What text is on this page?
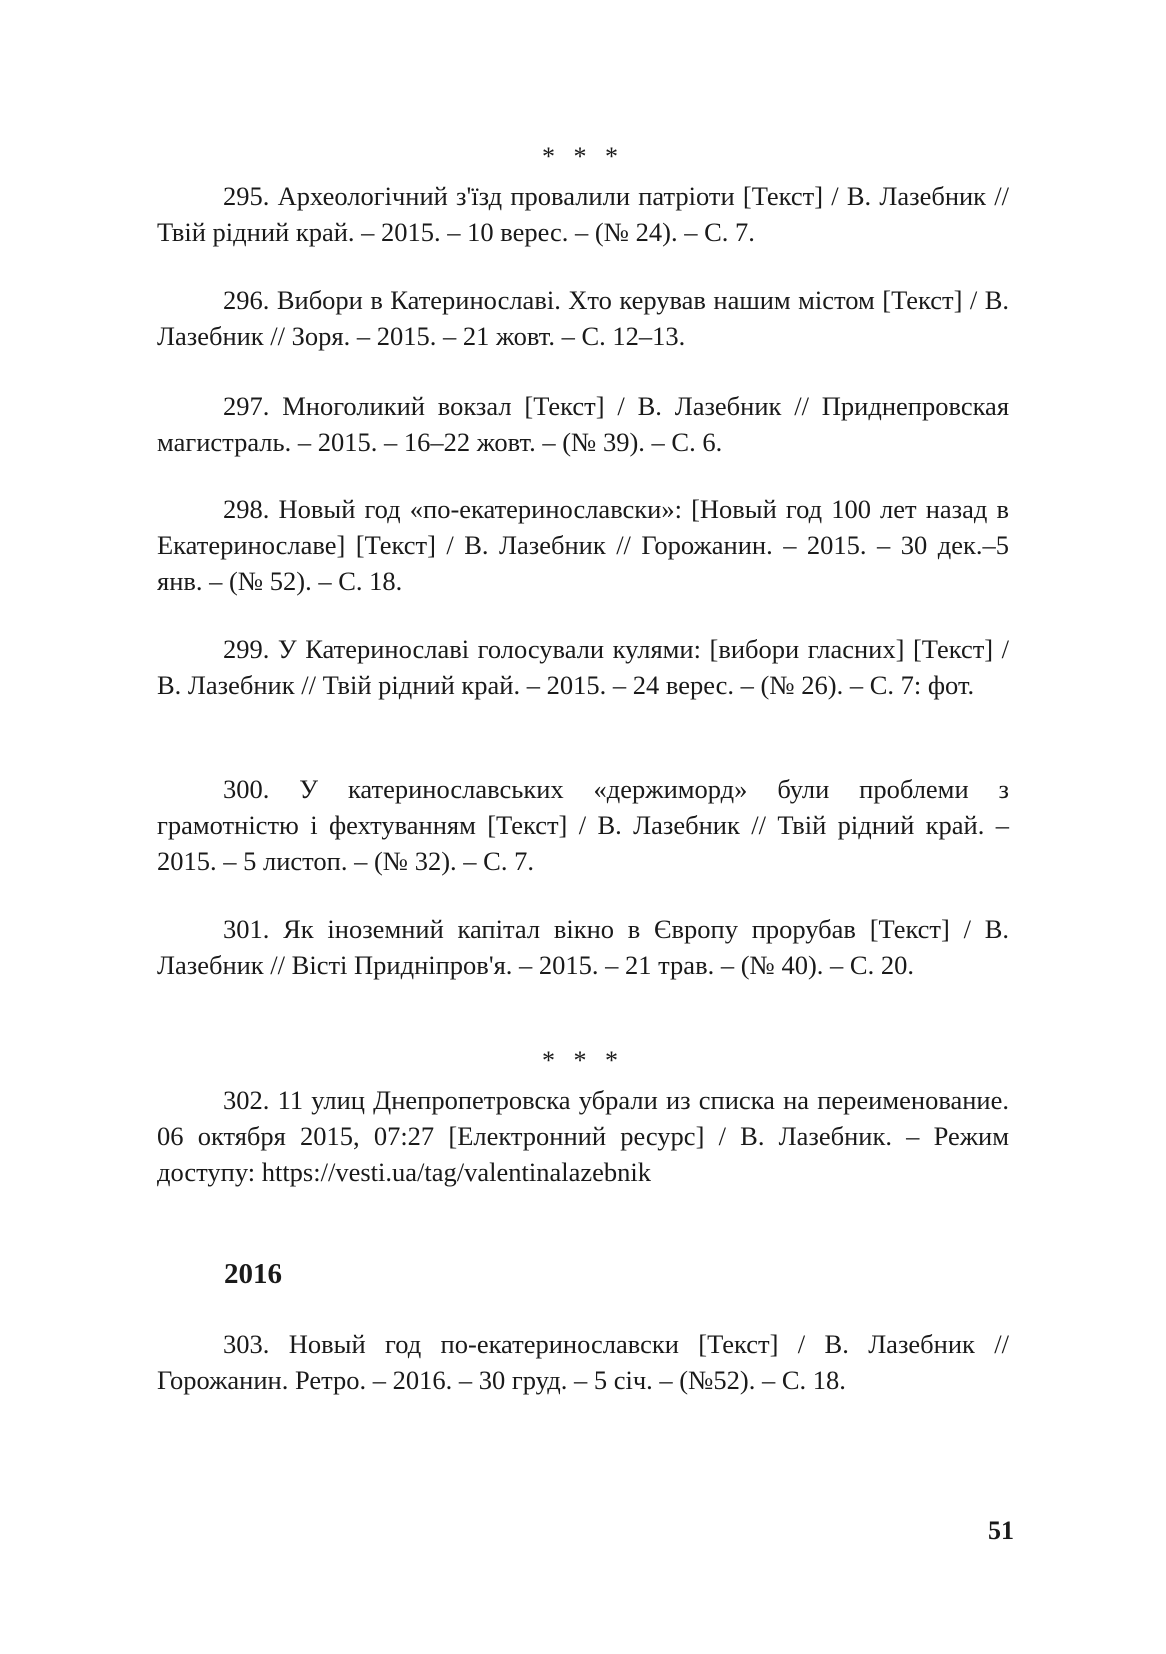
* * *

295. Археологічний з'їзд провалили патріоти [Текст] / В. Лазебник // Твій рідний край. – 2015. – 10 верес. – (№ 24). – С. 7.

296. Вибори в Катеринославі. Хто керував нашим містом [Текст] / В. Лазебник // Зоря. – 2015. – 21 жовт. – С. 12–13.

297. Многоликий вокзал [Текст] / В. Лазебник // Приднепровская магистраль. – 2015. – 16–22 жовт. – (№ 39). – С. 6.

298. Новый год «по-екатеринославски»: [Новый год 100 лет назад в Екатеринославе] [Текст] / В. Лазебник // Горожанин. – 2015. – 30 дек.–5 янв. – (№ 52). – С. 18.

299. У Катеринославі голосували кулями: [вибори гласних] [Текст] / В. Лазебник // Твій рідний край. – 2015. – 24 верес. – (№ 26). – С. 7: фот.

300. У катеринославських «держиморд» були проблеми з грамотністю і фехтуванням [Текст] / В. Лазебник // Твій рідний край. – 2015. – 5 листоп. – (№ 32). – С. 7.

301. Як іноземний капітал вікно в Європу прорубав [Текст] / В. Лазебник // Вісті Придніпров'я. – 2015. – 21 трав. – (№ 40). – С. 20.

* * *

302. 11 улиц Днепропетровска убрали из списка на переименование. 06 октября 2015, 07:27 [Електронний ресурс] / В. Лазебник. – Режим доступу: https://vesti.ua/tag/valentinalazebnik

2016

303. Новый год по-екатеринославски [Текст] / В. Лазебник // Горожанин. Ретро. – 2016. – 30 груд. – 5 січ. – (№52). – С. 18.

51
